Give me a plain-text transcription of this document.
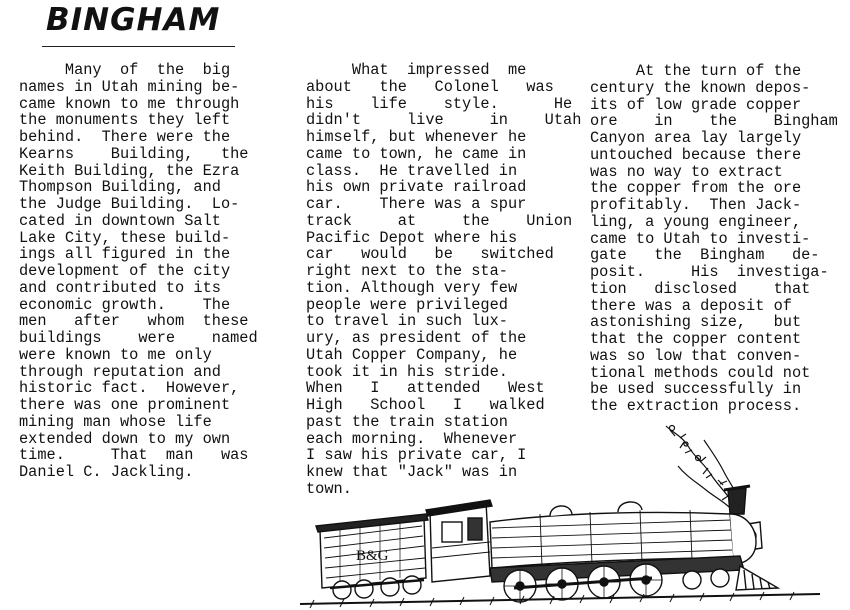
BINGHAM

Many  of  the  big
names in Utah mining be-
came known to me through
the monuments they left
behind.  There were the
Kearns    Building,   the
Keith Building, the Ezra
Thompson Building, and
the Judge Building.  Lo-
cated in downtown Salt
Lake City, these build-
ings all figured in the
development of the city
and contributed to its
economic growth.    The
men   after   whom  these
buildings    were    named
were known to me only
through reputation and
historic fact.  However,
there was one prominent
mining man whose life
extended down to my own
time.     That  man   was
Daniel C. Jackling.

What  impressed  me
about   the   Colonel   was
his    life    style.      He
didn't     live     in    Utah
himself, but whenever he
came to town, he came in
class.  He travelled in
his own private railroad
car.    There was a spur
track     at     the    Union
Pacific Depot where his
car   would   be   switched
right next to the sta-
tion. Although very few
people were privileged
to travel in such lux-
ury, as president of the
Utah Copper Company, he
took it in his stride.
When   I   attended   West
High   School   I   walked
past the train station
each morning.  Whenever
I saw his private car, I
knew that "Jack" was in
town.

At the turn of the
century the known depos-
its of low grade copper
ore    in    the    Bingham
Canyon area lay largely
untouched because there
was no way to extract
the copper from the ore
profitably.  Then Jack-
ling, a young engineer,
came to Utah to investi-
gate   the  Bingham   de-
posit.     His  investiga-
tion   disclosed    that
there was a deposit of
astonishing size,   but
that the copper content
was so low that conven-
tional methods could not
be used successfully in
the extraction process.

B&G
